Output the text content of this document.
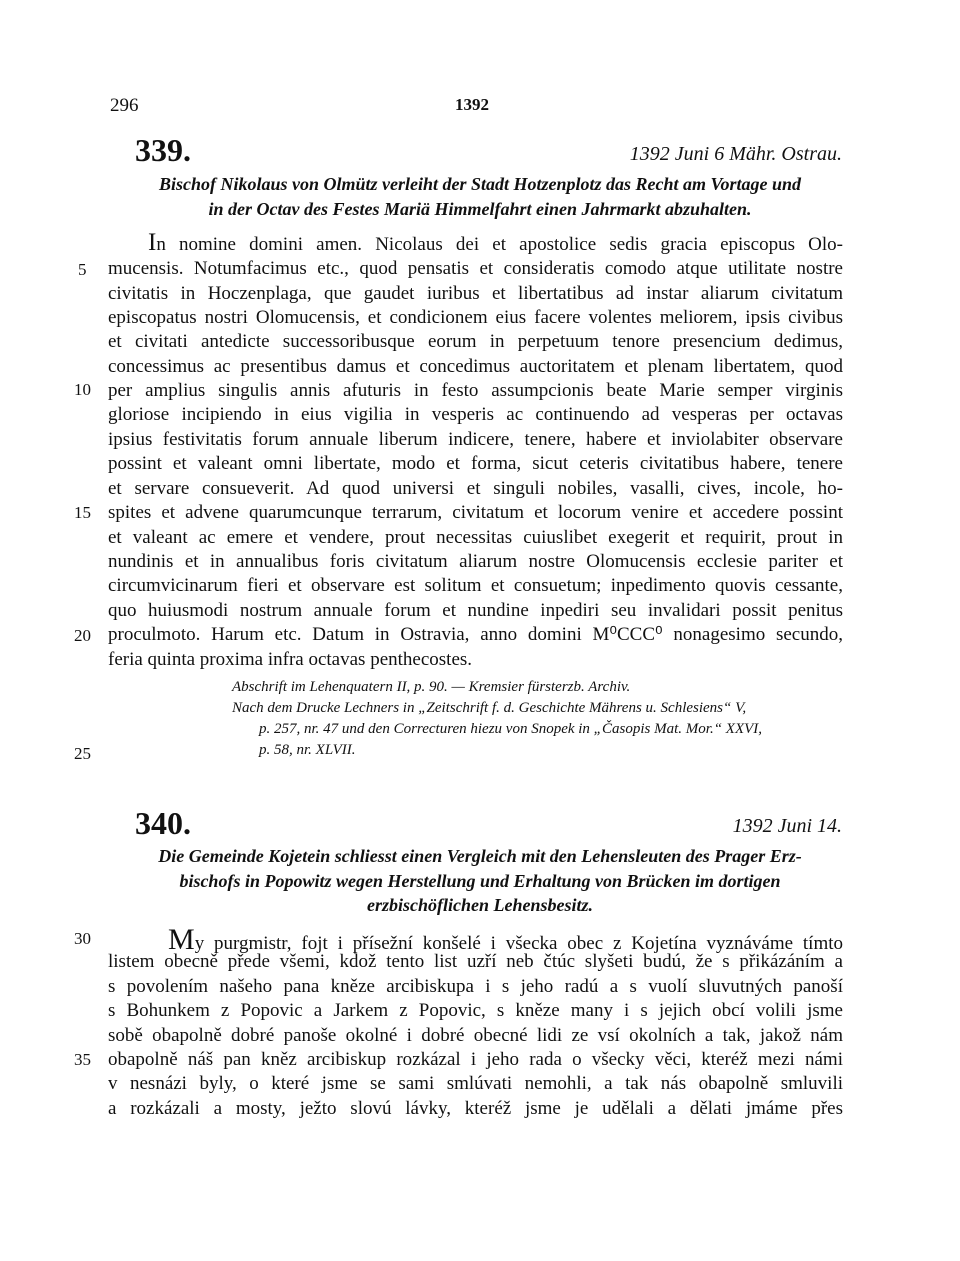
296	1392
339.	1392 Juni 6 Mähr. Ostrau.
Bischof Nikolaus von Olmütz verleiht der Stadt Hotzenplotz das Recht am Vortage und
in der Octav des Festes Mariä Himmelfahrt einen Jahrmarkt abzuhalten.
In nomine domini amen. Nicolaus dei et apostolice sedis gracia episcopus Olo-
mucensis. Notumfacimus etc., quod pensatis et consideratis comodo atque utilitate nostre
civitatis in Hoczenplaga, que gaudet iuribus et libertatibus ad instar aliarum civitatum
episcopatus nostri Olomucensis, et condicionem eius facere volentes meliorem, ipsis civibus
et civitati antedicte successoribusque eorum in perpetuum tenore presencium dedimus,
concessimus ac presentibus damus et concedimus auctoritatem et plenam libertatem, quod
per amplius singulis annis afuturis in festo assumpcionis beate Marie semper virginis
gloriose incipiendo in eius vigilia in vesperis ac continuendo ad vesperas per octavas
ipsius festivitatis forum annuale liberum indicere, tenere, habere et inviolabiter observare
possint et valeant omni libertate, modo et forma, sicut ceteris civitatibus habere, tenere
et servare consueverit. Ad quod universi et singuli nobiles, vasalli, cives, incole, ho-
spites et advene quarumcunque terrarum, civitatum et locorum venire et accedere possint
et valeant ac emere et vendere, prout necessitas cuiuslibet exegerit et requirit, prout in
nundinis et in annualibus foris civitatum aliarum nostre Olomucensis ecclesie pariter et
circumvicinarum fieri et observare est solitum et consuetum; inpedimento quovis cessante,
quo huiusmodi nostrum annuale forum et nundine inpediri seu invalidari possit penitus
proculmoto. Harum etc. Datum in Ostravia, anno domini M⁰CCC⁰ nonagesimo secundo,
feria quinta proxima infra octavas penthecostes.
Abschrift im Lehenquatern II, p. 90. — Kremsier fürsterzb. Archiv.
Nach dem Drucke Lechners in „Zeitschrift f. d. Geschichte Mährens u. Schlesiens“ V,
p. 257, nr. 47 und den Correcturen hiezu von Snopek in „Časopis Mat. Mor.“ XXVI,
p. 58, nr. XLVII.
340.	1392 Juni 14.
Die Gemeinde Kojetein schliesst einen Vergleich mit den Lehensleuten des Prager Erz-
bischofs in Popowitz wegen Herstellung und Erhaltung von Brücken im dortigen
erzbischöflichen Lehensbesitz.
My purgmistr, fojt i přísežní konšelé i všecka obec z Kojetína vyznáváme tímto
listem obecně přede všemi, kdož tento list uzří neb čtúc slyšeti budú, že s přikázáním a
s povolením našeho pana kněze arcibiskupa i s jeho radú a s vuolí sluvutných panoší
s Bohunkem z Popovic a Jarkem z Popovic, s kněze many i s jejich obcí volili jsme
sobě obapolně dobré panoše okolné i dobré obecné lidi ze vsí okolních a tak, jakož nám
obapolně náš pan kněz arcibiskup rozkázal i jeho rada o všecky věci, kteréž mezi námi
v nesnázi byly, o které jsme se sami smlúvati nemohli, a tak nás obapolně smluvili
a rozkázali a mosty, ježto slovú lávky, kteréž jsme je udělali a dělati jmáme přes
5
10
15
20
25
30
35
